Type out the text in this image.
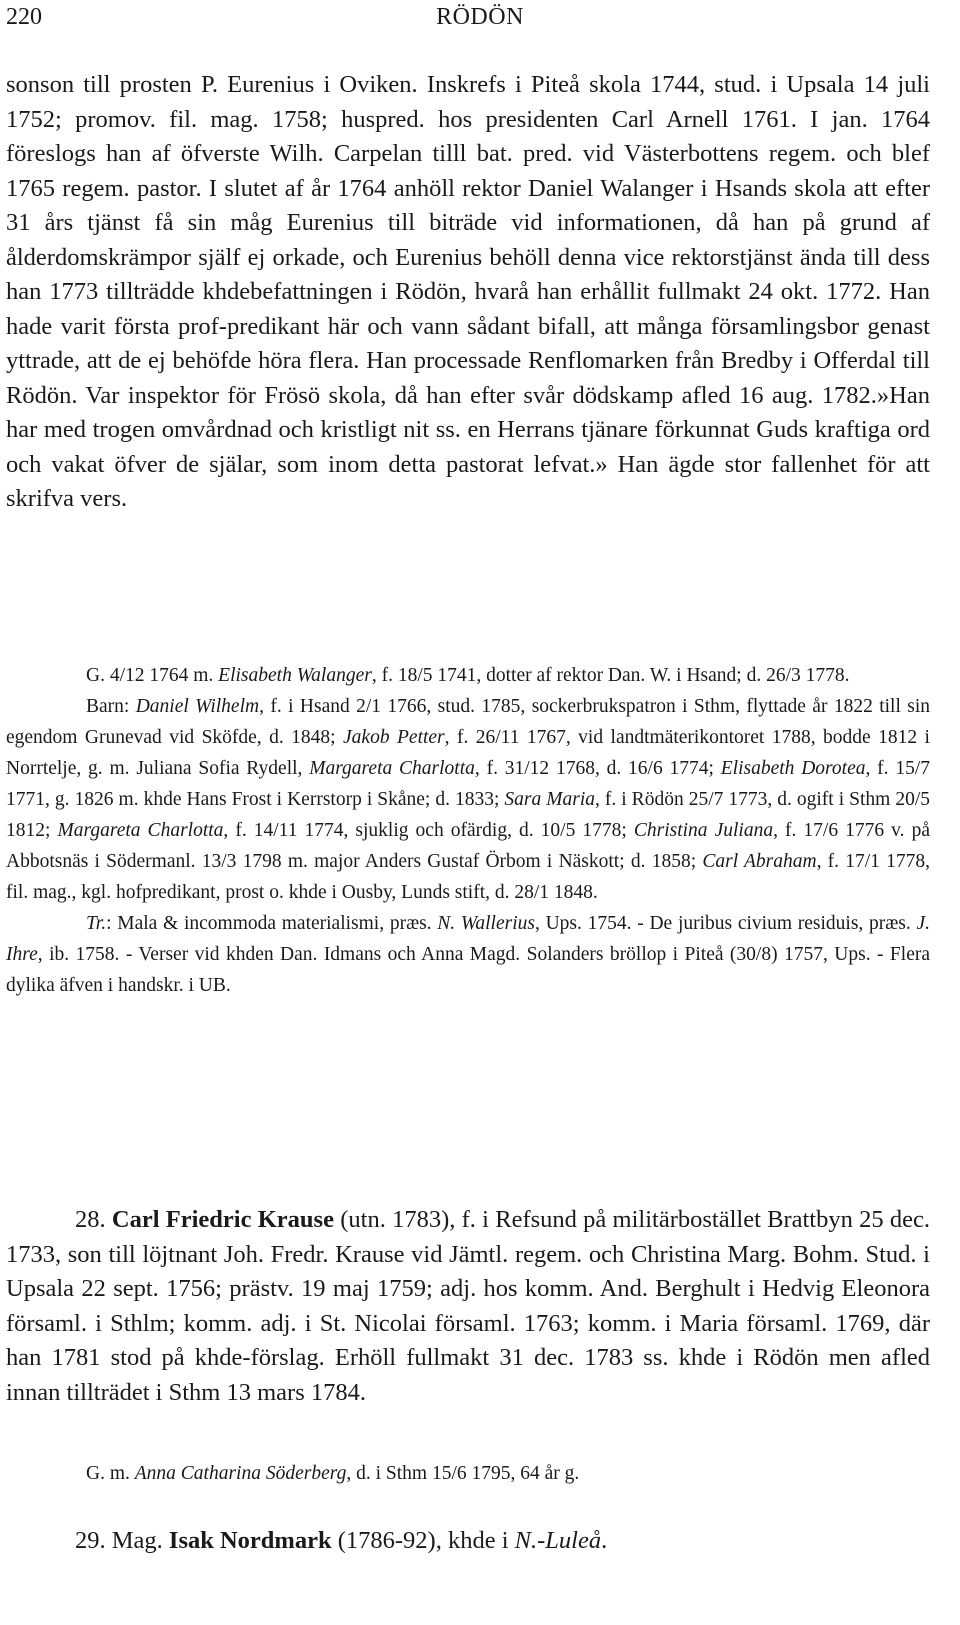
220	RÖDÖN

sonson till prosten P. Eurenius i Oviken. Inskrefs i Piteå skola 1744, stud. i Upsala 14 juli 1752; promov. fil. mag. 1758; huspred. hos presidenten Carl Arnell 1761. I jan. 1764 föreslogs han af öfverste Wilh. Carpelan tilll bat. pred. vid Västerbottens regem. och blef 1765 regem. pastor. I slutet af år 1764 anhöll rektor Daniel Walanger i Hsands skola att efter 31 års tjänst få sin måg Eurenius till biträde vid informationen, då han på grund af ålderdomskrämpor själf ej orkade, och Eurenius behöll denna vice rektorstjänst ända till dess han 1773 tillträdde khdebefattningen i Rödön, hvarå han erhållit fullmakt 24 okt. 1772. Han hade varit första prof-predikant här och vann sådant bifall, att många församlingsbor genast yttrade, att de ej behöfde höra flera. Han processade Renflomarken från Bredby i Offerdal till Rödön. Var inspektor för Frösö skola, då han efter svår dödskamp afled 16 aug. 1782.»Han har med trogen omvårdnad och kristligt nit ss. en Herrans tjänare förkunnat Guds kraftiga ord och vakat öfver de själar, som inom detta pastorat lefvat.» Han ägde stor fallenhet för att skrifva vers.

G. 4/12 1764 m. Elisabeth Walanger, f. 18/5 1741, dotter af rektor Dan. W. i Hsand; d. 26/3 1778.

Barn: Daniel Wilhelm, f. i Hsand 2/1 1766, stud. 1785, sockerbrukspatron i Sthm, flyttade år 1822 till sin egendom Grunevad vid Sköfde, d. 1848; Jakob Petter, f. 26/11 1767, vid landtmäterikontoret 1788, bodde 1812 i Norrtelje, g. m. Juliana Sofia Rydell, Margareta Charlotta, f. 31/12 1768, d. 16/6 1774; Elisabeth Dorotea, f. 15/7 1771, g. 1826 m. khde Hans Frost i Kerrstorp i Skåne; d. 1833; Sara Maria, f. i Rödön 25/7 1773, d. ogift i Sthm 20/5 1812; Margareta Charlotta, f. 14/11 1774, sjuklig och ofärdig, d. 10/5 1778; Christina Juliana, f. 17/6 1776 v. på Abbotsnäs i Södermanl. 13/3 1798 m. major Anders Gustaf Örbom i Näskott; d. 1858; Carl Abraham, f. 17/1 1778, fil. mag., kgl. hofpredikant, prost o. khde i Ousby, Lunds stift, d. 28/1 1848.

Tr.: Mala & incommoda materialismi, præs. N. Wallerius, Ups. 1754. - De juribus civium residuis, præs. J. Ihre, ib. 1758. - Verser vid khden Dan. Idmans och Anna Magd. Solanders bröllop i Piteå (30/8) 1757, Ups. - Flera dylika äfven i handskr. i UB.

28. Carl Friedric Krause (utn. 1783), f. i Refsund på militärbostället Brattbyn 25 dec. 1733, son till löjtnant Joh. Fredr. Krause vid Jämtl. regem. och Christina Marg. Bohm. Stud. i Upsala 22 sept. 1756; prästv. 19 maj 1759; adj. hos komm. And. Berghult i Hedvig Eleonora församl. i Sthlm; komm. adj. i St. Nicolai församl. 1763; komm. i Maria församl. 1769, där han 1781 stod på khde-förslag. Erhöll fullmakt 31 dec. 1783 ss. khde i Rödön men afled innan tillträdet i Sthm 13 mars 1784.

G. m. Anna Catharina Söderberg, d. i Sthm 15/6 1795, 64 år g.

29. Mag. Isak Nordmark (1786-92), khde i N.-Luleå.
